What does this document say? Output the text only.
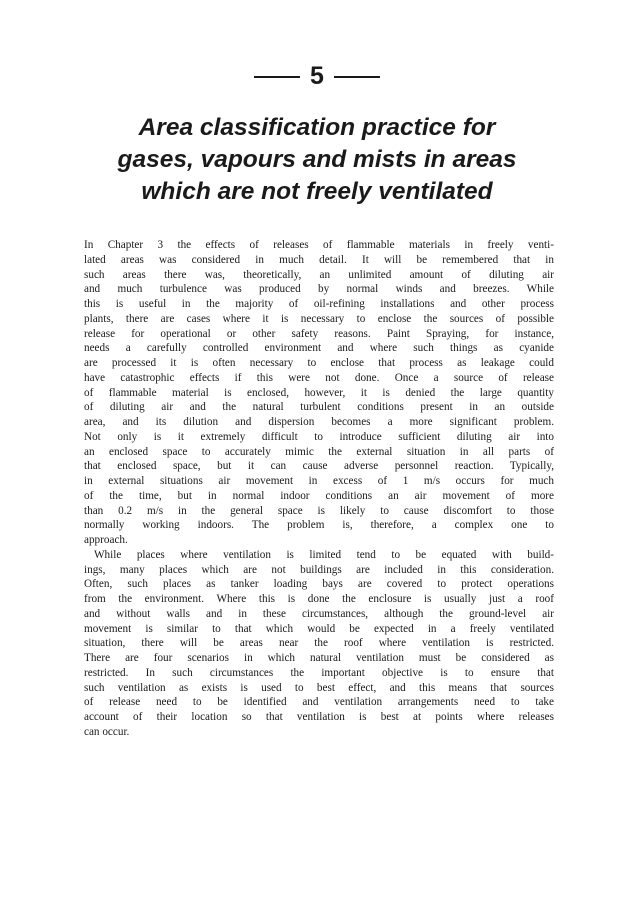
5
Area classification practice for
gases, vapours and mists in areas
which are not freely ventilated

In Chapter 3 the effects of releases of flammable materials in freely venti-
lated areas was considered in much detail. It will be remembered that in
such areas there was, theoretically, an unlimited amount of diluting air
and much turbulence was produced by normal winds and breezes. While
this is useful in the majority of oil-refining installations and other process
plants, there are cases where it is necessary to enclose the sources of possible
release for operational or other safety reasons. Paint Spraying, for instance,
needs a carefully controlled environment and where such things as cyanide
are processed it is often necessary to enclose that process as leakage could
have catastrophic effects if this were not done. Once a source of release
of flammable material is enclosed, however, it is denied the large quantity
of diluting air and the natural turbulent conditions present in an outside
area, and its dilution and dispersion becomes a more significant problem.
Not only is it extremely difficult to introduce sufficient diluting air into
an enclosed space to accurately mimic the external situation in all parts of
that enclosed space, but it can cause adverse personnel reaction. Typically,
in external situations air movement in excess of 1 m/s occurs for much
of the time, but in normal indoor conditions an air movement of more
than 0.2 m/s in the general space is likely to cause discomfort to those
normally working indoors. The problem is, therefore, a complex one to
approach.

While places where ventilation is limited tend to be equated with build-
ings, many places which are not buildings are included in this consideration.
Often, such places as tanker loading bays are covered to protect operations
from the environment. Where this is done the enclosure is usually just a roof
and without walls and in these circumstances, although the ground-level air
movement is similar to that which would be expected in a freely ventilated
situation, there will be areas near the roof where ventilation is restricted.
There are four scenarios in which natural ventilation must be considered as
restricted. In such circumstances the important objective is to ensure that
such ventilation as exists is used to best effect, and this means that sources
of release need to be identified and ventilation arrangements need to take
account of their location so that ventilation is best at points where releases
can occur.
